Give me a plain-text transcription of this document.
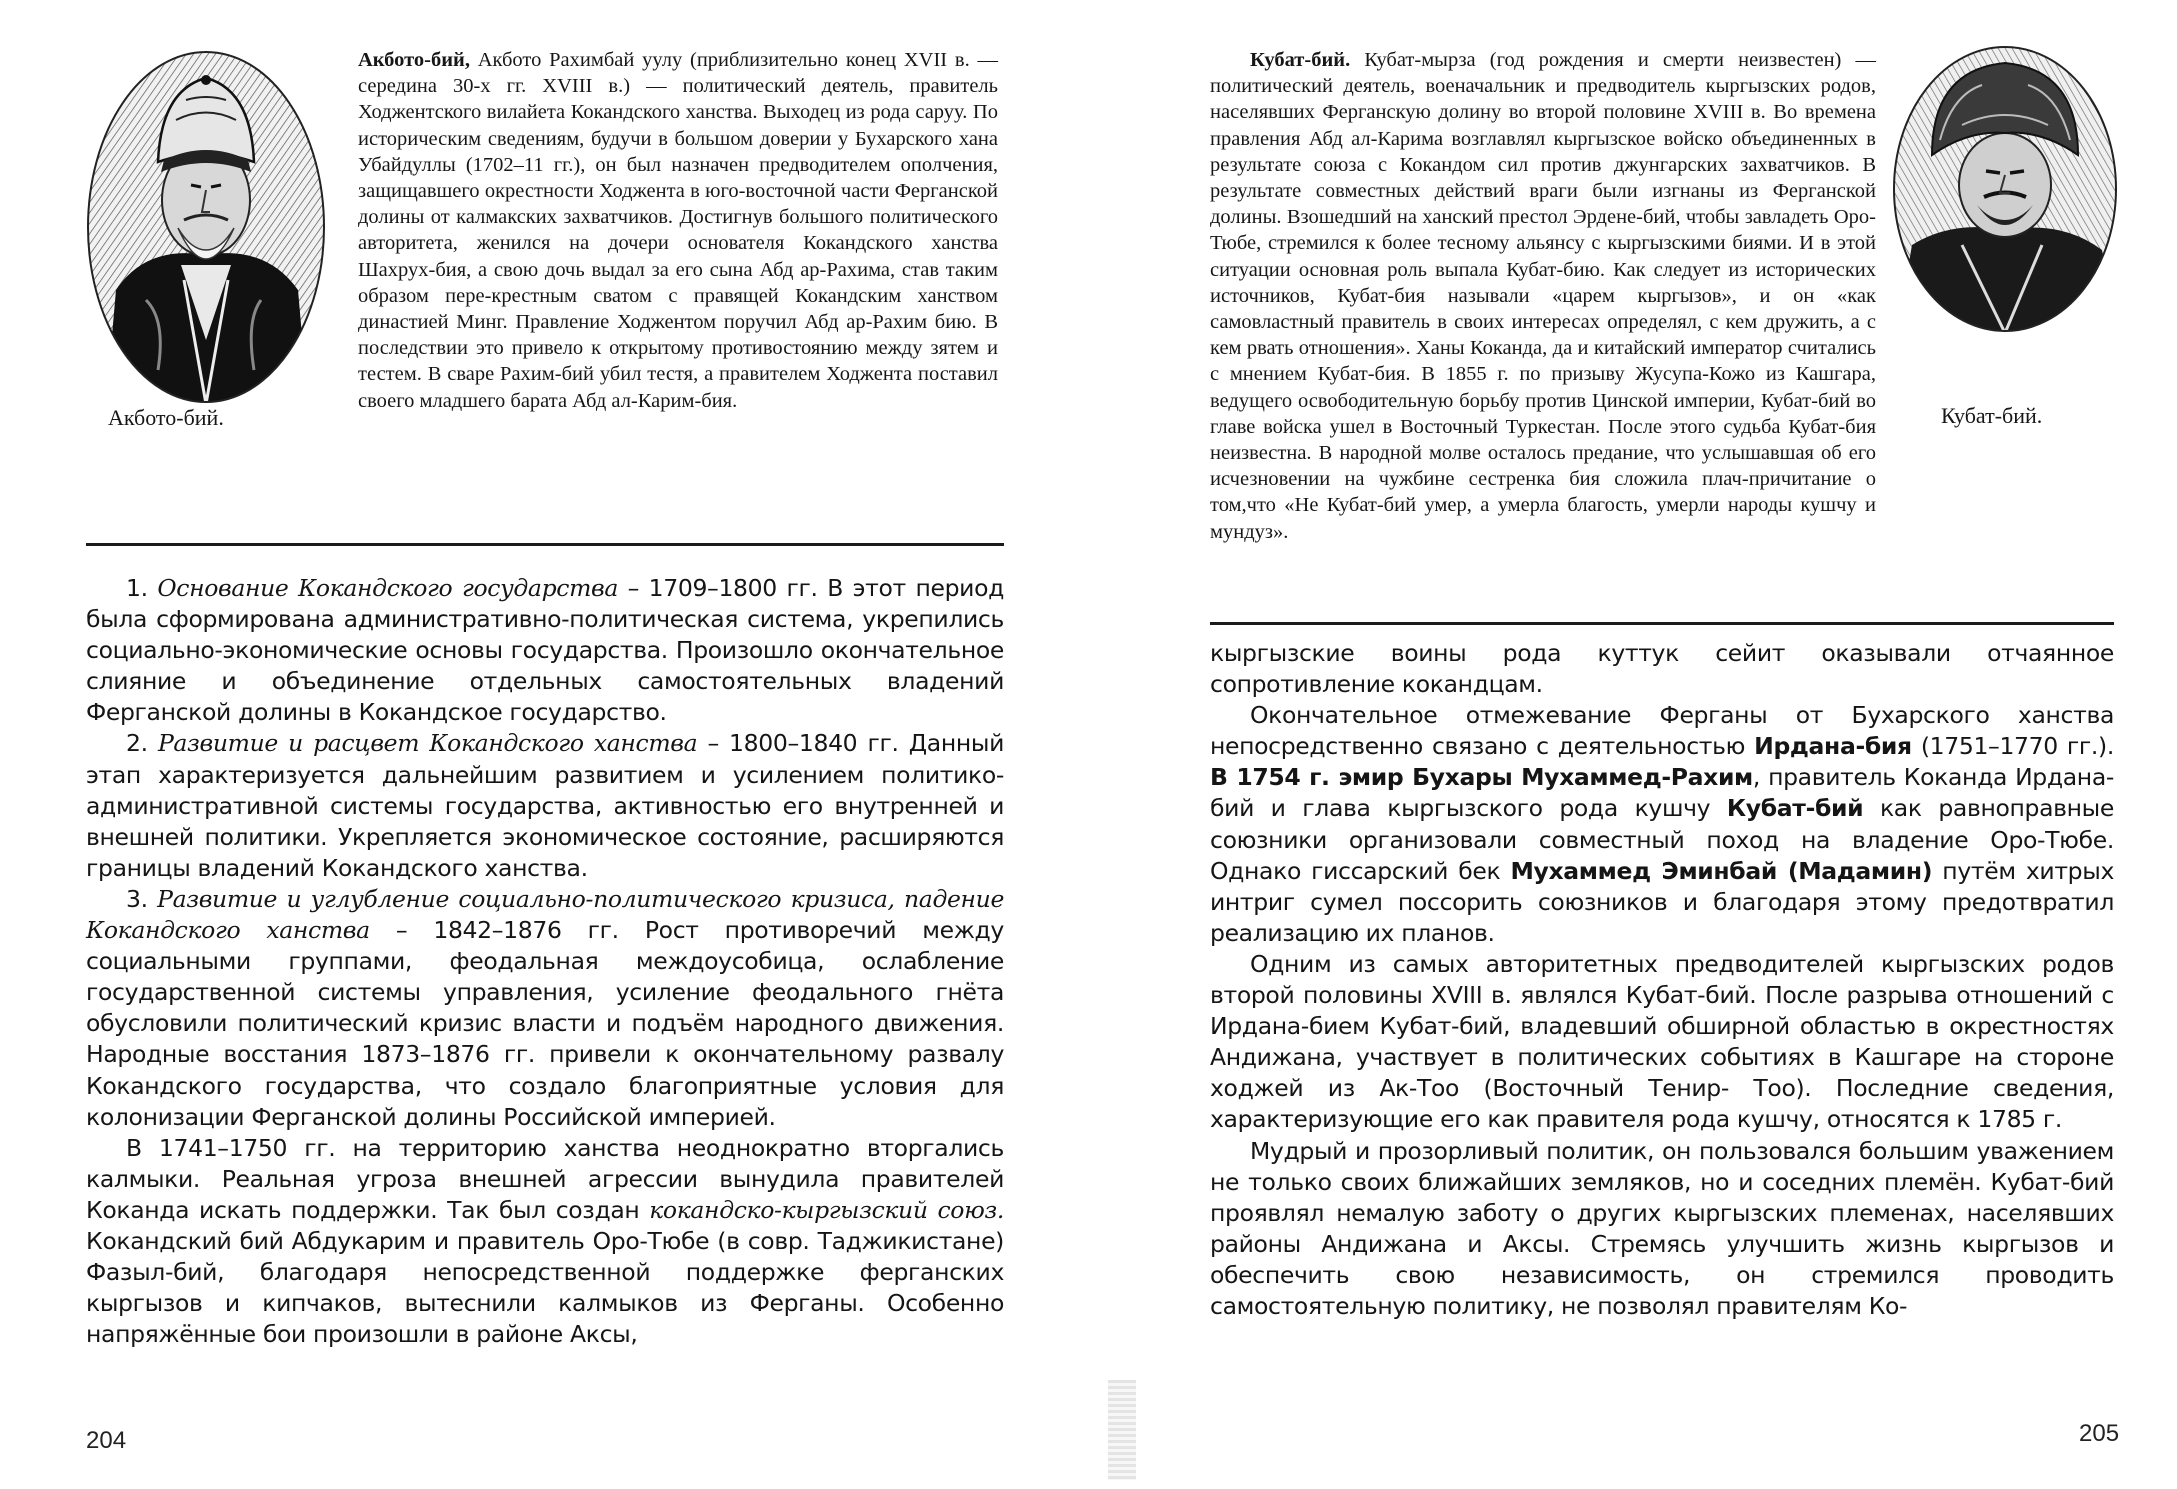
Акбото-бий.

Акбото-бий, Акбото Рахимбай уулу (приблизительно конец XVII в. — середина 30-х гг. XVIII в.) — политический деятель, правитель Ходжентского вилайета Кокандского ханства. Выходец из рода саруу. По историческим сведениям, будучи в большом доверии у Бухарского хана Убайдуллы (1702–11 гг.), он был назначен предводителем ополчения, защищавшего окрестности Ходжента в юго-восточной части Ферганской долины от калмакских захватчиков. Достигнув большого политического авторитета, женился на дочери основателя Кокандского ханства Шахрух-бия, а свою дочь выдал за его сына Абд ар-Рахима, став таким образом пере-крестным сватом с правящей Кокандским ханством династией Минг. Правление Ходжентом поручил Абд ар-Рахим бию. В последствии это привело к открытому противостоянию между зятем и тестем. В сваре Рахим-бий убил тестя, а правителем Ходжента поставил своего младшего барата Абд ал-Карим-бия.

1. Основание Кокандского государства – 1709–1800 гг. В этот период была сформирована административно-политическая система, укрепились социально-экономические основы государства. Произошло окончательное слияние и объединение отдельных самостоятельных владений Ферганской долины в Кокандское государство.

2. Развитие и расцвет Кокандского ханства – 1800–1840 гг. Данный этап характеризуется дальнейшим развитием и усилением политико-административной системы государства, активностью его внутренней и внешней политики. Укрепляется экономическое состояние, расширяются границы владений Кокандского ханства.

3. Развитие и углубление социально-политического кризиса, падение Кокандского ханства – 1842–1876 гг. Рост противоречий между социальными группами, феодальная междоусобица, ослабление государственной системы управления, усиление феодального гнёта обусловили политический кризис власти и подъём народного движения. Народные восстания 1873–1876 гг. привели к окончательному развалу Кокандского государства, что создало благоприятные условия для колонизации Ферганской долины Российской империей.

В 1741–1750 гг. на территорию ханства неоднократно вторгались калмыки. Реальная угроза внешней агрессии вынудила правителей Коканда искать поддержки. Так был создан кокандско-кыргызский союз. Кокандский бий Абдукарим и правитель Оро-Тюбе (в совр. Таджикистане) Фазыл-бий, благодаря непосредственной поддержке ферганских кыргызов и кипчаков, вытеснили калмыков из Ферганы. Особенно напряжённые бои произошли в районе Аксы,

204
Кубат-бий.

Кубат-бий. Кубат-мырза (год рождения и смерти неизвестен) — политический деятель, военачальник и предводитель кыргызских родов, населявших Ферганскую долину во второй половине XVIII в. Во времена правления Абд ал-Карима возглавлял кыргызское войско объединенных в результате союза с Кокандом сил против джунгарских захватчиков. В результате совместных действий враги были изгнаны из Ферганской долины. Взошедший на ханский престол Эрдене-бий, чтобы завладеть Оро-Тюбе, стремился к более тесному альянсу с кыргызскими биями. И в этой ситуации основная роль выпала Кубат-бию. Как следует из исторических источников, Кубат-бия называли «царем кыргызов», и он «как самовластный правитель в своих интересах определял, с кем дружить, а с кем рвать отношения». Ханы Коканда, да и китайский император считались с мнением Кубат-бия. В 1855 г. по призыву Жусупа-Кожо из Кашгара, ведущего освободительную борьбу против Цинской империи, Кубат-бий во главе войска ушел в Восточный Туркестан. После этого судьба Кубат-бия неизвестна. В народной молве осталось предание, что услышавшая об его исчезновении на чужбине сестренка бия сложила плач-причитание о том,что «Не Кубат-бий умер, а умерла благость, умерли народы кушчу и мундуз».

кыргызские воины рода куттук сейит оказывали отчаянное сопротивление кокандцам.

Окончательное отмежевание Ферганы от Бухарского ханства непосредственно связано с деятельностью Ирдана-бия (1751–1770 гг.). В 1754 г. эмир Бухары Мухаммед-Рахим, правитель Коканда Ирдана-бий и глава кыргызского рода кушчу Кубат-бий как равноправные союзники организовали совместный поход на владение Оро-Тюбе. Однако гиссарский бек Мухаммед Эминбай (Мадамин) путём хитрых интриг сумел поссорить союзников и благодаря этому предотвратил реализацию их планов.

Одним из самых авторитетных предводителей кыргызских родов второй половины XVIII в. являлся Кубат-бий. После разрыва отношений с Ирдана-бием Кубат-бий, владевший обширной областью в окрестностях Андижана, участвует в политических событиях в Кашгаре на стороне ходжей из Ак-Тоо (Восточный Тенир- Тоо). Последние сведения, характеризующие его как правителя рода кушчу, относятся к 1785 г.

Мудрый и прозорливый политик, он пользовался большим уважением не только своих ближайших земляков, но и соседних племён. Кубат-бий проявлял немалую заботу о других кыргызских племенах, населявших районы Андижана и Аксы. Стремясь улучшить жизнь кыргызов и обеспечить свою независимость, он стремился проводить самостоятельную политику, не позволял правителям Ко-

205
